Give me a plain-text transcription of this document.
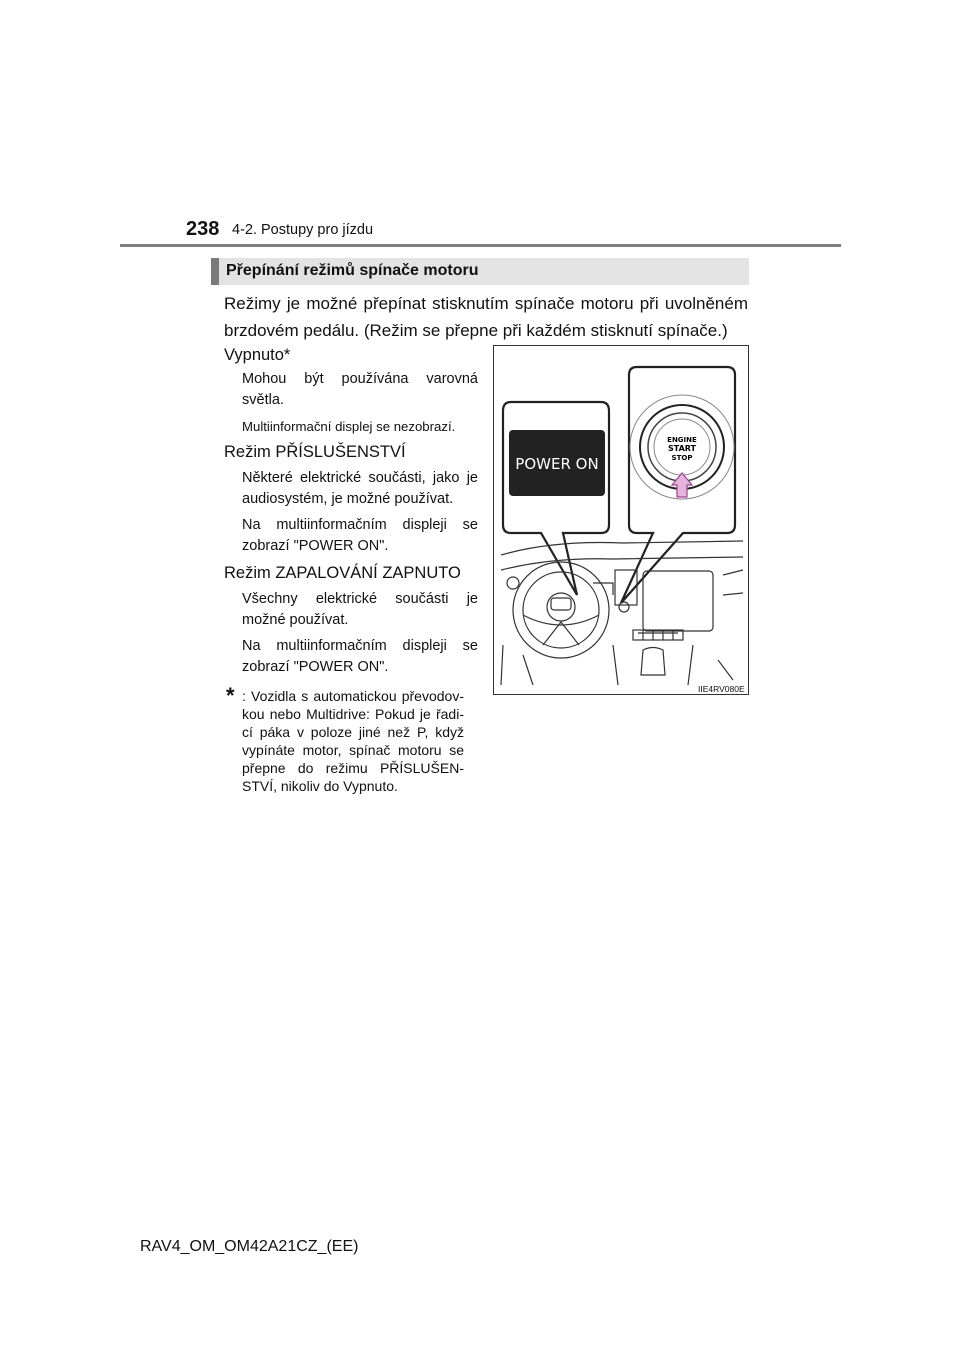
238 4-2. Postupy pro jízdu
Přepínání režimů spínače motoru
Režimy je možné přepínat stisknutím spínače motoru při uvolněném brzdovém pedálu. (Režim se přepne při každém stisknutí spínače.)
Vypnuto*
Mohou být používána varovná světla.
Multiinformační displej se nezobrazí.
Režim PŘÍSLUŠENSTVÍ
Některé elektrické součásti, jako je audiosystém, je možné používat.
Na multiinformačním displeji se zobrazí "POWER ON".
Režim ZAPALOVÁNÍ ZAPNUTO
Všechny elektrické součásti je možné používat.
Na multiinformačním displeji se zobrazí "POWER ON".
* : Vozidla s automatickou převodov-kou nebo Multidrive: Pokud je řadi-cí páka v poloze jiné než P, když vypínáte motor, spínač motoru se přepne do režimu PŘÍSLUŠEN-STVÍ, nikoliv do Vypnuto.
POWER ON
ENGINE
START
STOP
IIE4RV080E
RAV4_OM_OM42A21CZ_(EE)
